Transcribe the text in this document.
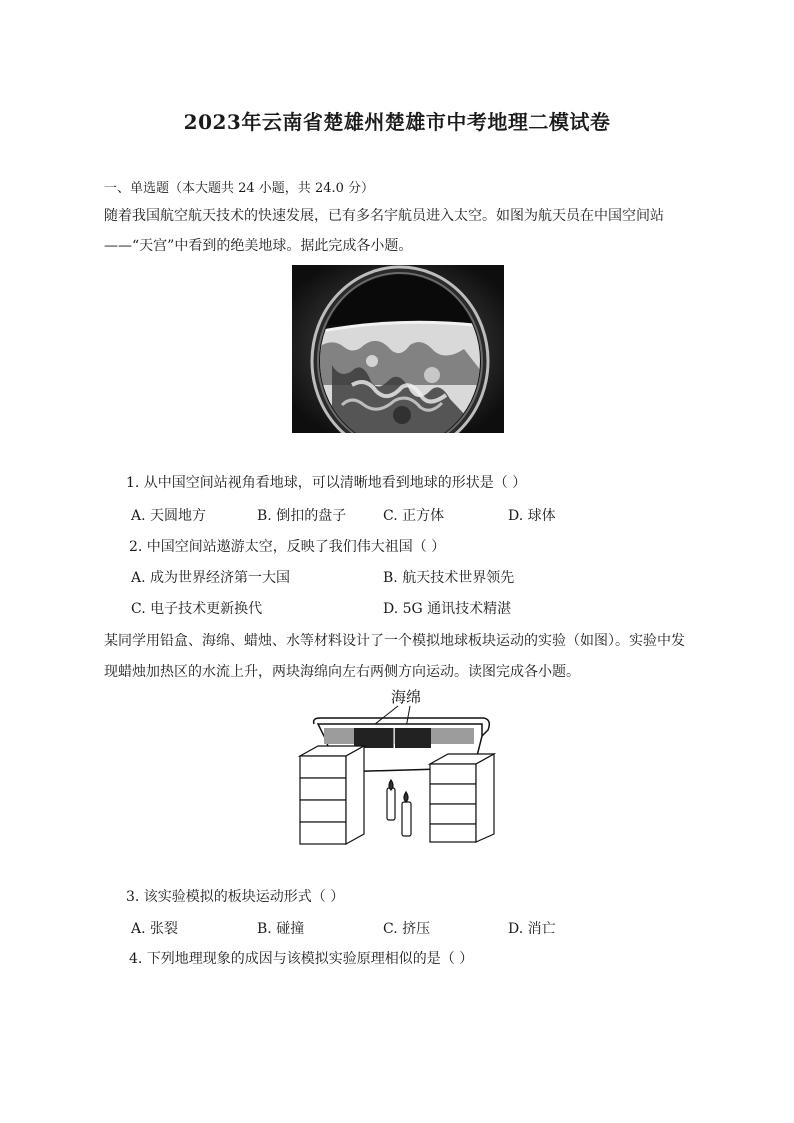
2023年云南省楚雄州楚雄市中考地理二模试卷
一、单选题（本大题共 24 小题，共 24.0 分）
随着我国航空航天技术的快速发展，已有多名宇航员进入太空。如图为航天员在中国空间站
——“天宫”中看到的绝美地球。据此完成各小题。
1. 从中国空间站视角看地球，可以清晰地看到地球的形状是（ ）
A. 天圆地方	B. 倒扣的盘子	C. 正方体	D. 球体
2. 中国空间站遨游太空，反映了我们伟大祖国（ ）
A. 成为世界经济第一大国	B. 航天技术世界领先
C. 电子技术更新换代	D. 5G 通讯技术精湛
某同学用铅盒、海绵、蜡烛、水等材料设计了一个模拟地球板块运动的实验（如图）。实验中发
现蜡烛加热区的水流上升，两块海绵向左右两侧方向运动。读图完成各小题。
海绵
3. 该实验模拟的板块运动形式（ ）
A. 张裂	B. 碰撞	C. 挤压	D. 消亡
4. 下列地理现象的成因与该模拟实验原理相似的是（ ）
